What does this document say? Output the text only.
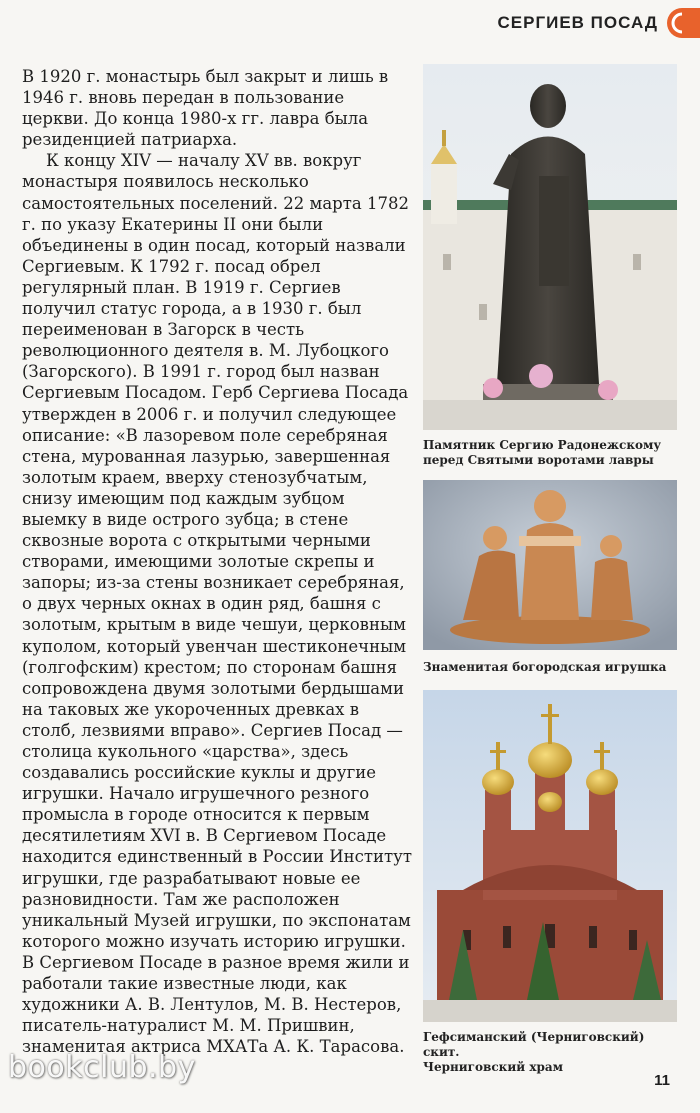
СЕРГИЕВ ПОСАД

В 1920 г. монастырь был закрыт и лишь в 1946 г. вновь передан в пользование церкви. До конца 1980-х гг. лавра была резиденцией патриарха.

К концу XIV — началу XV вв. вокруг монастыря появилось несколько самостоятельных поселений. 22 марта 1782 г. по указу Екатерины II они были объединены в один посад, который назвали Сергиевым. К 1792 г. посад обрел регулярный план. В 1919 г. Сергиев получил статус города, а в 1930 г. был переименован в Загорск в честь революционного деятеля в. М. Лубоцкого (Загорского). В 1991 г. город был назван Сергиевым Посадом. Герб Сергиева Посада утвержден в 2006 г. и получил следующее описание: «В лазоревом поле серебряная стена, мурованная лазурью, завершенная золотым краем, вверху стенозубчатым, снизу имеющим под каждым зубцом выемку в виде острого зубца; в стене сквозные ворота с открытыми черными створами, имеющими золотые скрепы и запоры; из-за стены возникает серебряная, о двух черных окнах в один ряд, башня с золотым, крытым в виде чешуи, церковным куполом, который увенчан шестиконечным (голгофским) крестом; по сторонам башня сопровождена двумя золотыми бердышами на таковых же укороченных древках в столб, лезвиями вправо». Сергиев Посад — столица кукольного «царства», здесь создавались российские куклы и другие игрушки. Начало игрушечного резного промысла в городе относится к первым десятилетиям XVI в. В Сергиевом Посаде находится единственный в России Институт игрушки, где разрабатывают новые ее разновидности. Там же расположен уникальный Музей игрушки, по экспонатам которого можно изучать историю игрушки. В Сергиевом Посаде в разное время жили и работали такие известные люди, как художники А. В. Лентулов, М. В. Нестеров, писатель-натуралист М. М. Пришвин, знаменитая актриса МХАТа А. К. Тарасова.

Памятник Сергию Радонежскому
перед Святыми воротами лавры
Знаменитая богородская игрушка
Гефсиманский (Черниговский) скит.
Черниговский храм
bookclub.by	11
